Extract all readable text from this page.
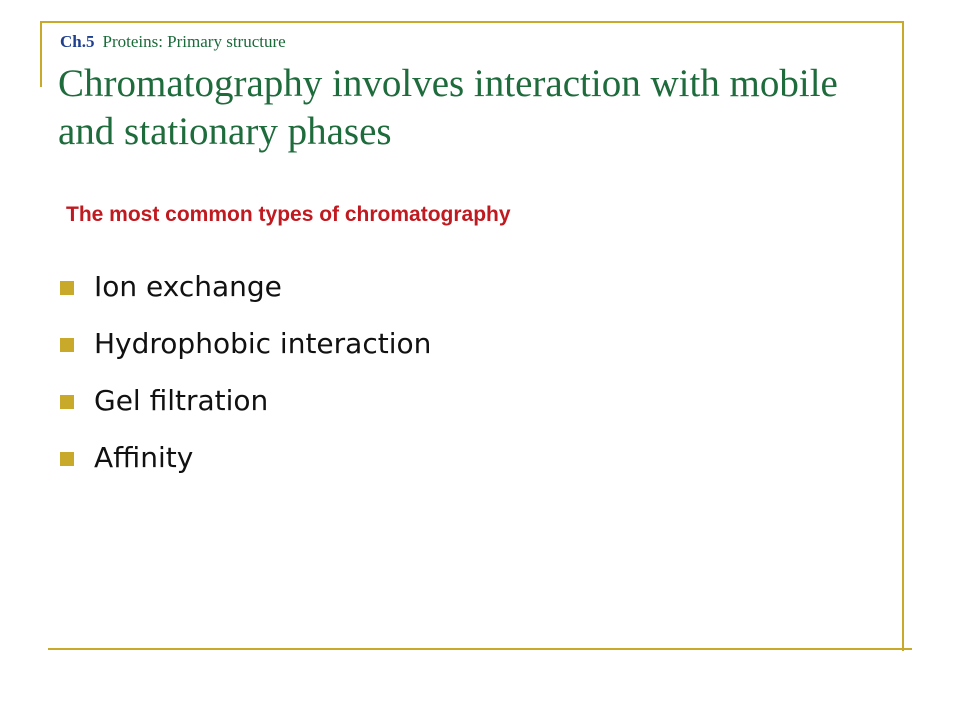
Ch.5 Proteins: Primary structure
Chromatography involves interaction with mobile and stationary phases
The most common types of chromatography
Ion exchange
Hydrophobic interaction
Gel filtration
Affinity
